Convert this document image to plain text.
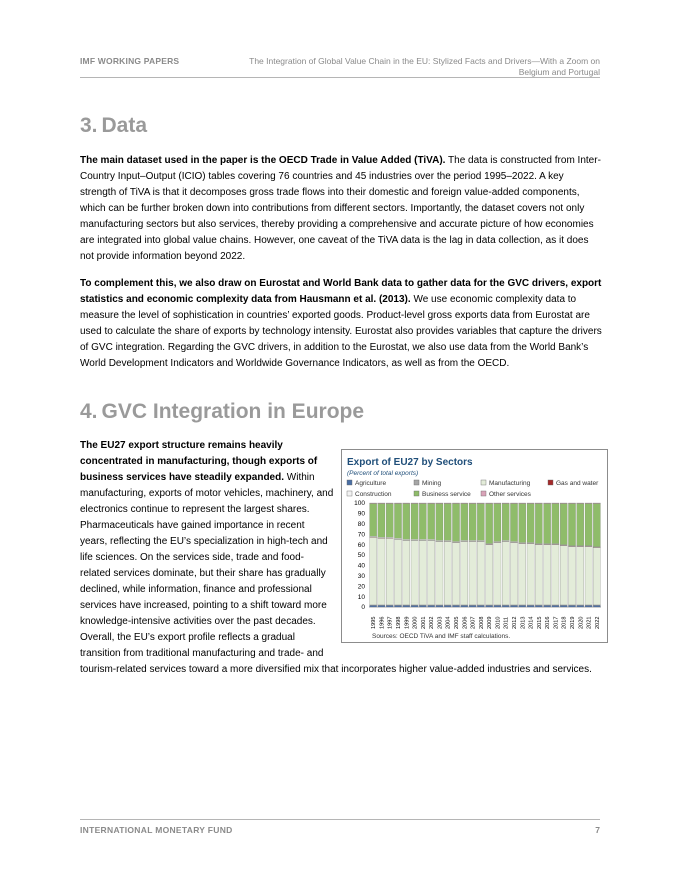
IMF WORKING PAPERS	The Integration of Global Value Chain in the EU: Stylized Facts and Drivers—With a Zoom on Belgium and Portugal
3. Data

The main dataset used in the paper is the OECD Trade in Value Added (TiVA). The data is constructed from Inter-Country Input–Output (ICIO) tables covering 76 countries and 45 industries over the period 1995–2022. A key strength of TiVA is that it decomposes gross trade flows into their domestic and foreign value-added components, which can be further broken down into contributions from different sectors. Importantly, the dataset covers not only manufacturing sectors but also services, thereby providing a comprehensive and accurate picture of how economies are integrated into global value chains. However, one caveat of the TiVA data is the lag in data collection, as it does not provide information beyond 2022.

To complement this, we also draw on Eurostat and World Bank data to gather data for the GVC drivers, export statistics and economic complexity data from Hausmann et al. (2013). We use economic complexity data to measure the level of sophistication in countries’ exported goods. Product-level gross exports data from Eurostat are used to calculate the share of exports by technology intensity. Eurostat also provides variables that capture the drivers of GVC integration. Regarding the GVC drivers, in addition to the Eurostat, we also use data from the World Bank’s World Development Indicators and Worldwide Governance Indicators, as well as from the OECD.

4. GVC Integration in Europe

The EU27 export structure remains heavily concentrated in manufacturing, though exports of business services have steadily expanded. Within manufacturing, exports of motor vehicles, machinery, and electronics continue to represent the largest shares. Pharmaceuticals have gained importance in recent years, reflecting the EU’s specialization in high-tech and life sciences. On the services side, trade and food-related services dominate, but their share has gradually declined, while information, finance and professional services have increased, pointing to a shift toward more knowledge-intensive activities over the past decades. Overall, the EU’s export profile reflects a gradual transition from traditional manufacturing and trade- and tourism-related services toward a more diversified mix that incorporates higher value-added industries and services.

Export of EU27 by Sectors
(Percent of total exports)
Agriculture	Mining	Manufacturing	Gas and water
Construction	Business service	Other services
0
10
20
30
40
50
60
70
80
90
100
1995 1996 1997 1998 1999 2000 2001 2002 2003 2004 2005 2006 2007 2008 2009 2010 2011 2012 2013 2014 2015 2016 2017 2018 2019 2020 2021 2022
Sources: OECD TiVA and IMF staff calculations.
INTERNATIONAL MONETARY FUND	7
